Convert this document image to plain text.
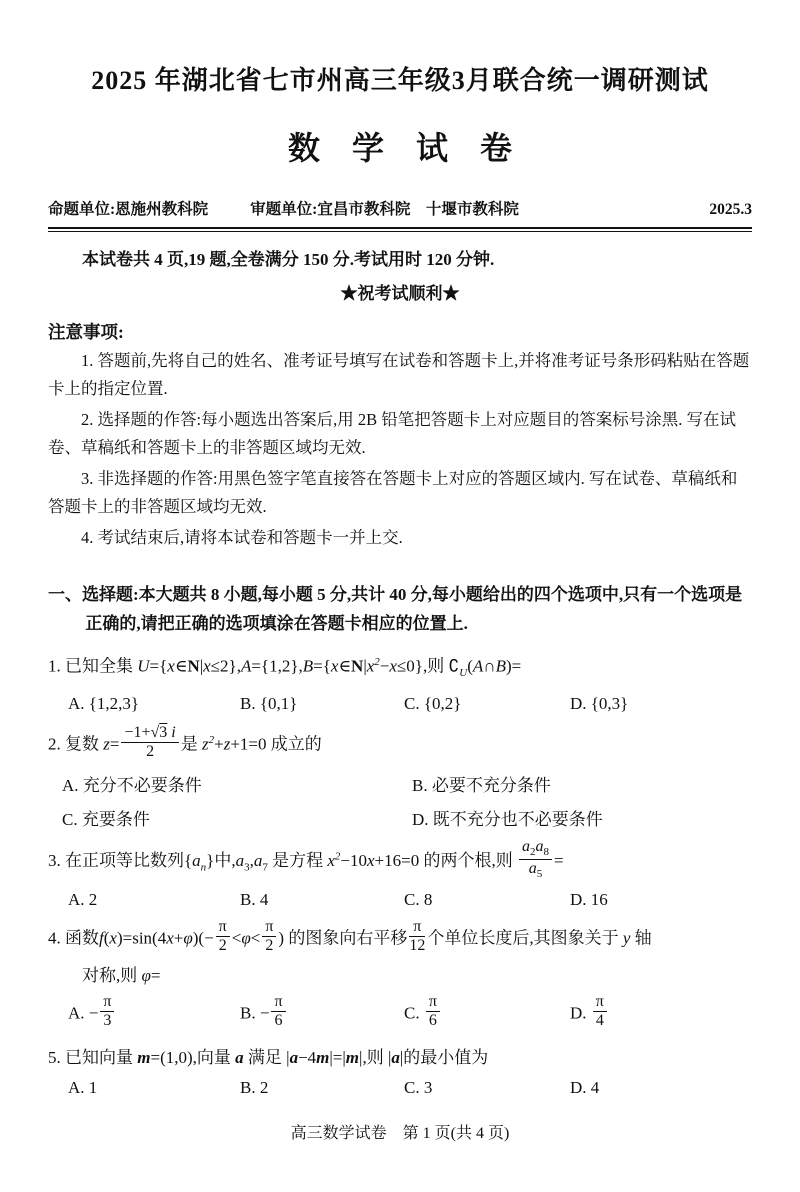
2025 年湖北省七市州高三年级3月联合统一调研测试
数　学　试　卷
命题单位:恩施州教科院	审题单位:宜昌市教科院　十堰市教科院	2025.3
本试卷共 4 页,19 题,全卷满分 150 分.考试用时 120 分钟.
★祝考试顺利★
注意事项:
1. 答题前,先将自己的姓名、准考证号填写在试卷和答题卡上,并将准考证号条形码粘贴在答题卡上的指定位置.
2. 选择题的作答:每小题选出答案后,用 2B 铅笔把答题卡上对应题目的答案标号涂黑. 写在试卷、草稿纸和答题卡上的非答题区域均无效.
3. 非选择题的作答:用黑色签字笔直接答在答题卡上对应的答题区域内. 写在试卷、草稿纸和答题卡上的非答题区域均无效.
4. 考试结束后,请将本试卷和答题卡一并上交.
一、选择题:本大题共 8 小题,每小题 5 分,共计 40 分,每小题给出的四个选项中,只有一个选项是正确的,请把正确的选项填涂在答题卡相应的位置上.
1. 已知全集 $U=\{x\in N|x\le 2\},A=\{1,2\},B=\{x\in N|x^2-x\le 0\}$,则 $∁_U(A\cap B)=$
A. {1,2,3}	B. {0,1}	C. {0,2}	D. {0,3}
2. 复数 $z= \frac{-1+√3 i}{2}$ 是 $z^2+z+1=0$ 成立的
A. 充分不必要条件	B. 必要不充分条件
C. 充要条件	D. 既不充分也不必要条件
3. 在正项等比数列$\{a_n\}$中$,a_3,a_7$ 是方程 $x^2-10x+16=0$ 的两个根,则 $\frac{a_2a_8}{a_5}$ =
A. 2	B. 4	C. 8	D. 16
4. 函数$f(x)=\sin(4x+\varphi)(- \frac{\pi}{2} <\varphi< \frac{\pi}{2}$ ) 的图象向右平移 $\frac{\pi}{12}$ 个单位长度后,其图象关于 y 轴
对称,则 φ=
A. − $\frac{\pi}{3}$	B. − $\frac{\pi}{6}$	C. $\frac{\pi}{6}$	D. $\frac{\pi}{4}$
5. 已知向量 m=(1,0),向量 a 满足 |a−4m|=|m|,则 |a|的最小值为
A. 1	B. 2	C. 3	D. 4
高三数学试卷　第 1 页(共 4 页)
